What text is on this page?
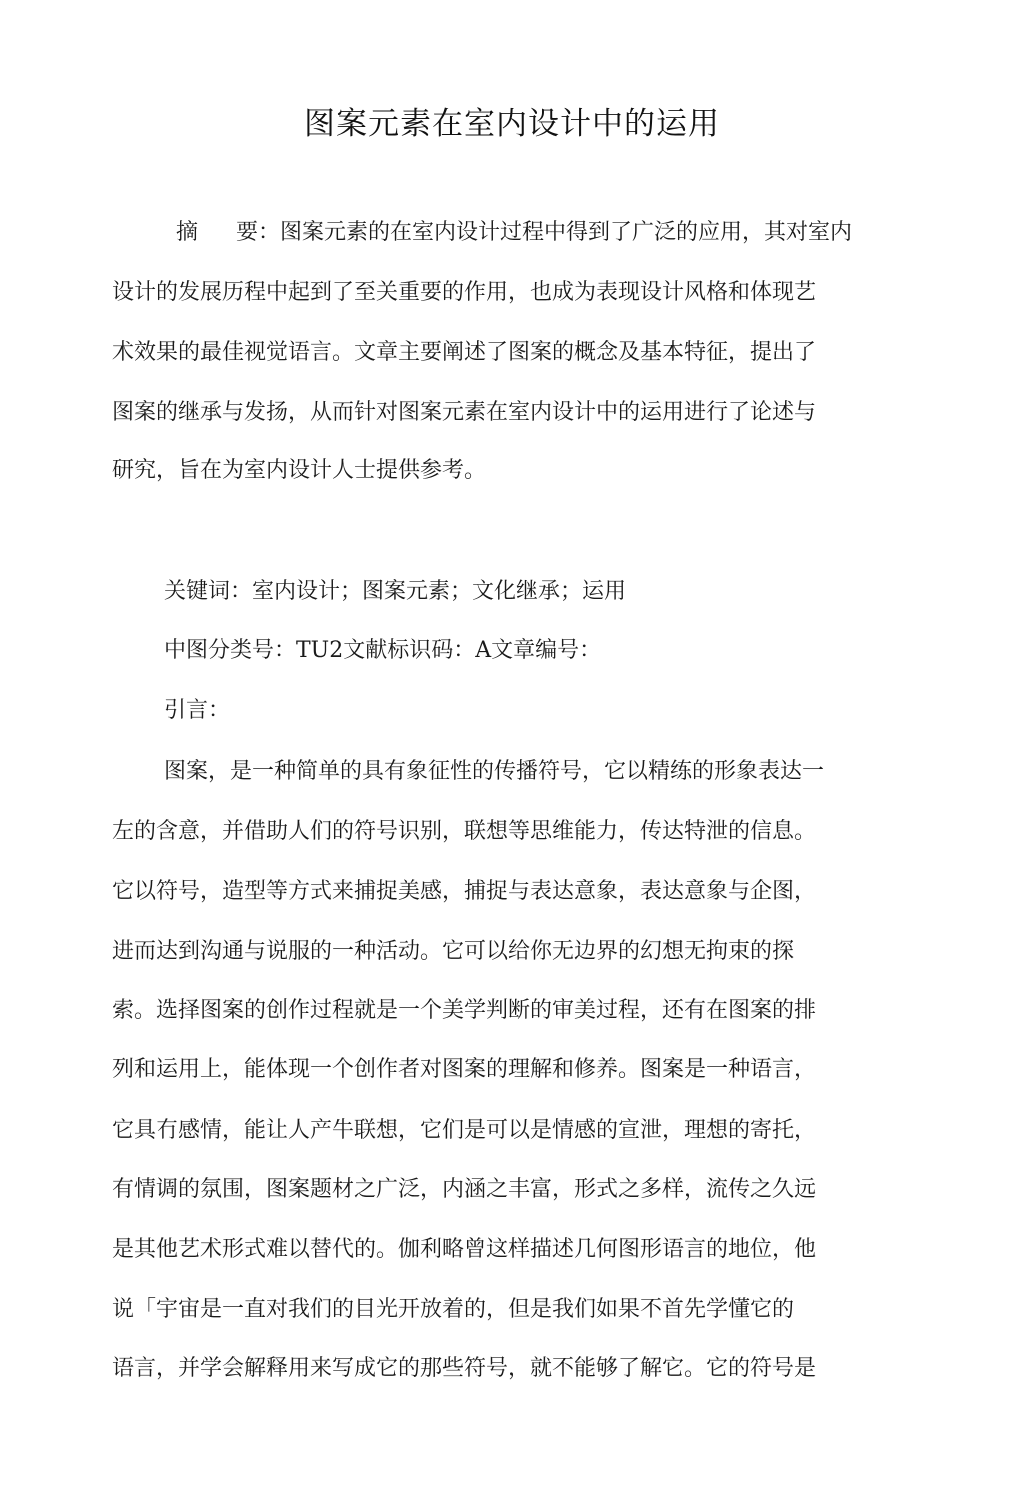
图案元素在室内设计中的运用
摘 要：图案元素的在室内设计过程中得到了广泛的应用，其对室内
设计的发展历程中起到了至关重要的作用，也成为表现设计风格和体现艺
术效果的最佳视觉语言。文章主要阐述了图案的概念及基本特征，提出了
图案的继承与发扬，从而针对图案元素在室内设计中的运用进行了论述与
研究，旨在为室内设计人士提供参考。
关键词：室内设计；图案元素；文化继承；运用
中图分类号：TU2文献标识码：A文章编号：
引言：
图案，是一种简单的具有象征性的传播符号，它以精练的形象表达一
左的含意，并借助人们的符号识别，联想等思维能力，传达特泄的信息。
它以符号，造型等方式来捕捉美感，捕捉与表达意象，表达意象与企图，
进而达到沟通与说服的一种活动。它可以给你无边界的幻想无拘束的探
索。选择图案的创作过程就是一个美学判断的审美过程，还有在图案的排
列和运用上，能体现一个创作者对图案的理解和修养。图案是一种语言，
它具冇感情，能让人产牛联想，它们是可以是情感的宣泄，理想的寄托，
有情调的氛围，图案题材之广泛，内涵之丰富，形式之多样，流传之久远
是其他艺术形式难以替代的。伽利略曾这样描述几何图形语言的地位，他
说「宇宙是一直对我们的目光开放着的，但是我们如果不首先学懂它的
语言，并学会解释用来写成它的那些符号，就不能够了解它。它的符号是
